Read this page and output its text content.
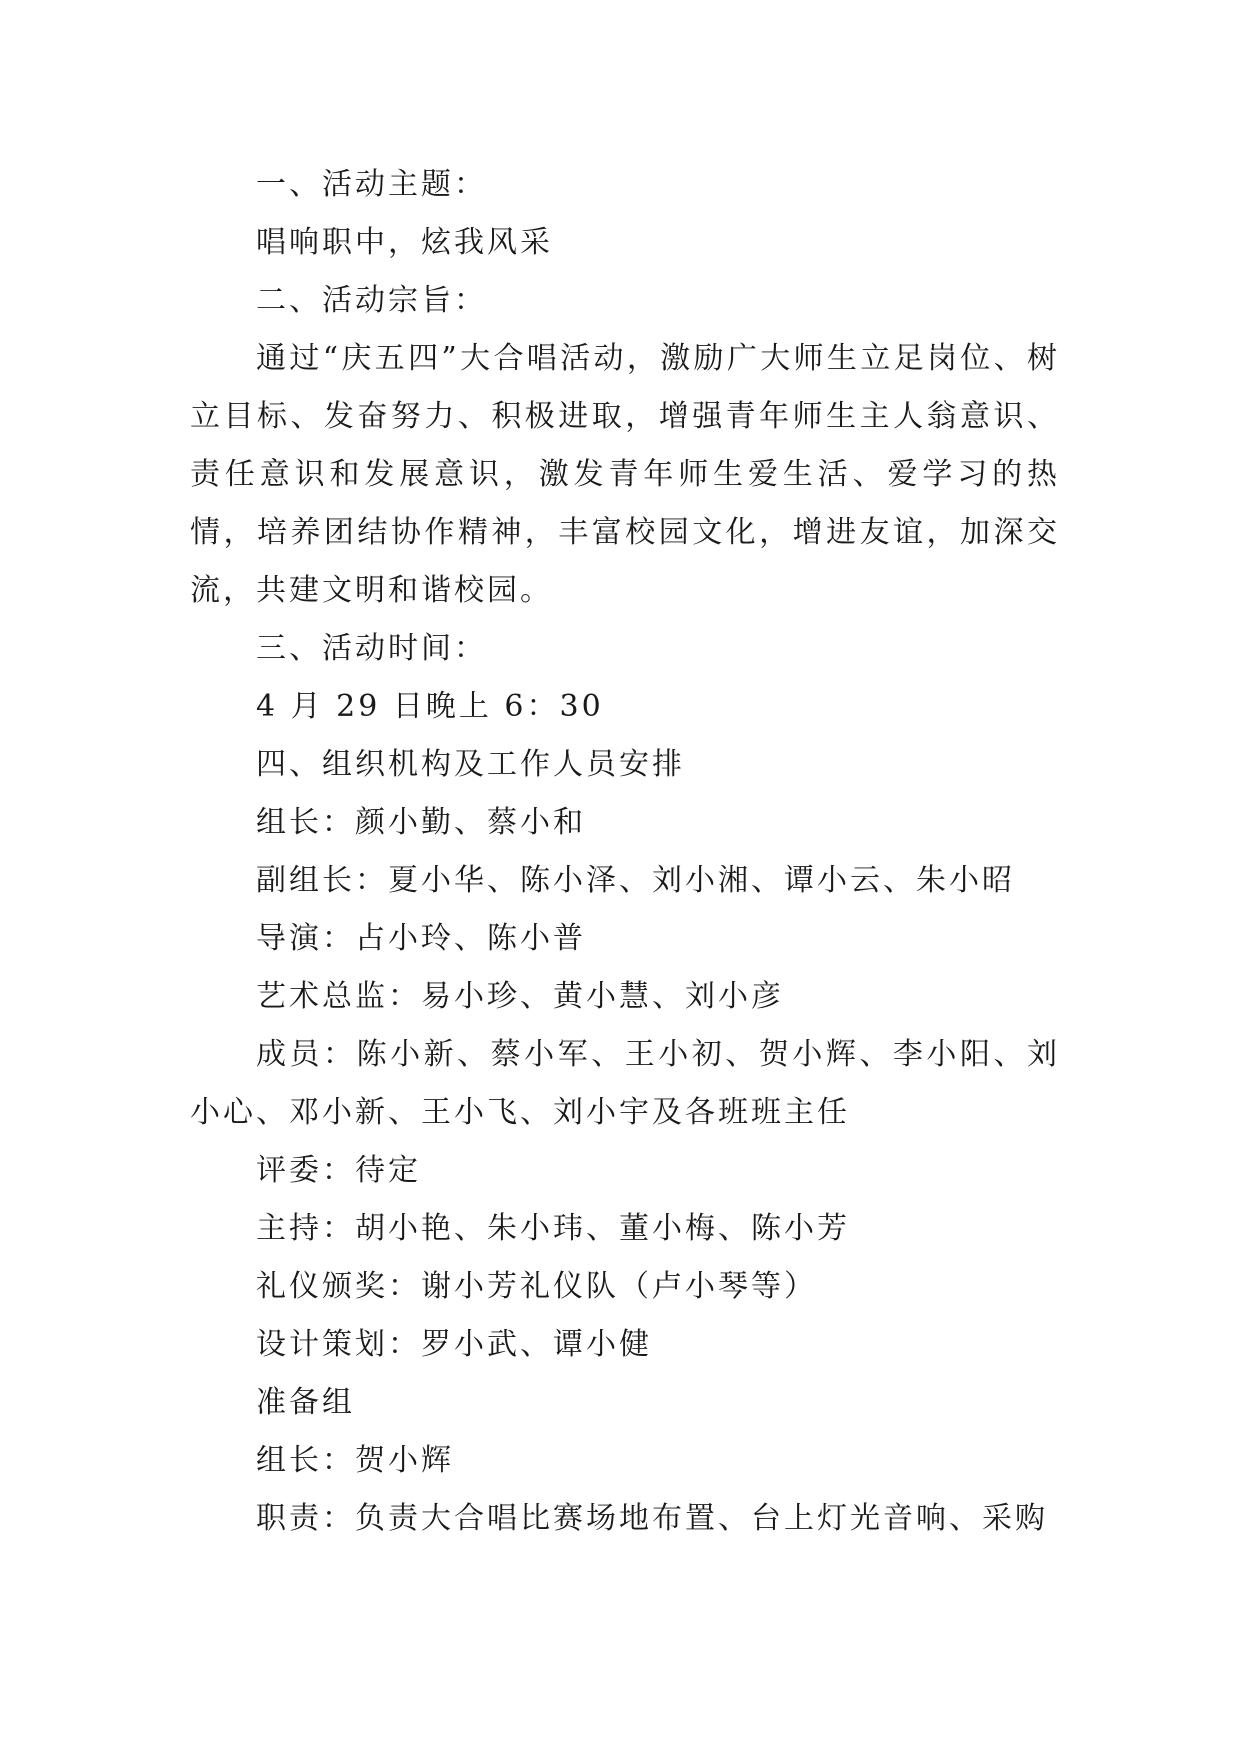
一、活动主题：

唱响职中，炫我风采

二、活动宗旨：

通过“庆五四”大合唱活动，激励广大师生立足岗位、树立目标、发奋努力、积极进取，增强青年师生主人翁意识、责任意识和发展意识，激发青年师生爱生活、爱学习的热情，培养团结协作精神，丰富校园文化，增进友谊，加深交流，共建文明和谐校园。

三、活动时间：

4 月 29 日晚上 6：30

四、组织机构及工作人员安排

组长：颜小勤、蔡小和

副组长：夏小华、陈小泽、刘小湘、谭小云、朱小昭

导演：占小玲、陈小普

艺术总监：易小珍、黄小慧、刘小彦

成员：陈小新、蔡小军、王小初、贺小辉、李小阳、刘小心、邓小新、王小飞、刘小宇及各班班主任

评委：待定

主持：胡小艳、朱小玮、董小梅、陈小芳

礼仪颁奖：谢小芳礼仪队（卢小琴等）

设计策划：罗小武、谭小健

准备组

组长：贺小辉

职责：负责大合唱比赛场地布置、台上灯光音响、采购
